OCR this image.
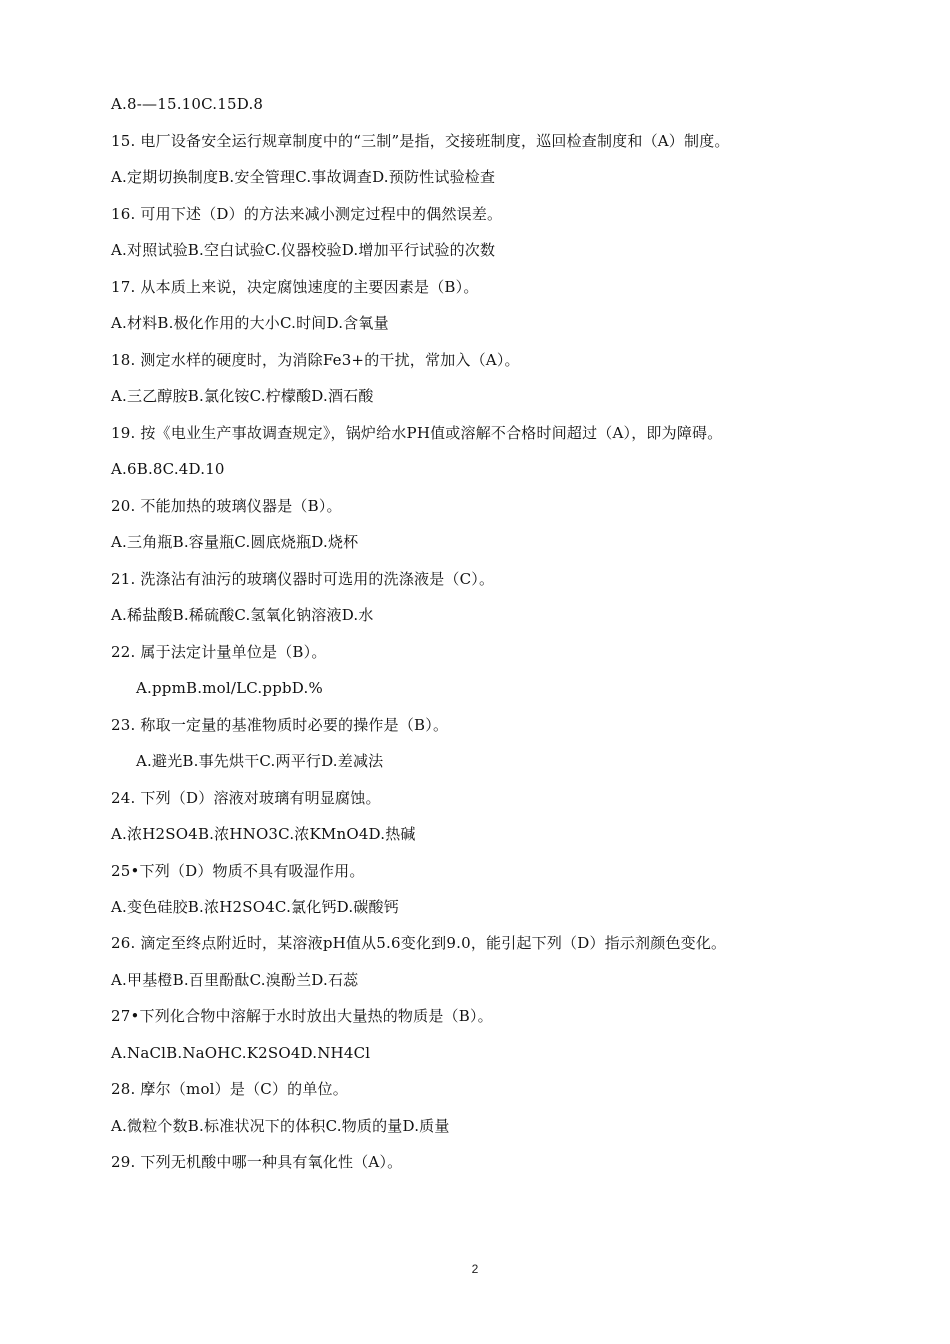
A.8-—15.10C.15D.8
15. 电厂设备安全运行规章制度中的“三制”是指，交接班制度，巡回检查制度和（A）制度。
A.定期切换制度B.安全管理C.事故调查D.预防性试验检查
16. 可用下述（D）的方法来减小测定过程中的偶然误差。
A.对照试验B.空白试验C.仪器校验D.增加平行试验的次数
17. 从本质上来说，决定腐蚀速度的主要因素是（B）。
A.材料B.极化作用的大小C.时间D.含氧量
18. 测定水样的硬度时，为消除Fe3+的干扰，常加入（A）。
A.三乙醇胺B.氯化铵C.柠檬酸D.酒石酸
19. 按《电业生产事故调查规定》，锅炉给水PH值或溶解不合格时间超过（A），即为障碍。
A.6B.8C.4D.10
20. 不能加热的玻璃仪器是（B）。
A.三角瓶B.容量瓶C.圆底烧瓶D.烧杯
21. 洗涤沾有油污的玻璃仪器时可选用的洗涤液是（C）。
A.稀盐酸B.稀硫酸C.氢氧化钠溶液D.水
22. 属于法定计量单位是（B）。
A.ppmB.mol/LC.ppbD.%
23. 称取一定量的基准物质时必要的操作是（B）。
A.避光B.事先烘干C.两平行D.差减法
24. 下列（D）溶液对玻璃有明显腐蚀。
A.浓H2SO4B.浓HNO3C.浓KMnO4D.热碱
25•下列（D）物质不具有吸湿作用。
A.变色硅胶B.浓H2SO4C.氯化钙D.碳酸钙
26. 滴定至终点附近时，某溶液pH值从5.6变化到9.0，能引起下列（D）指示剂颜色变化。
A.甲基橙B.百里酚酞C.溴酚兰D.石蕊
27•下列化合物中溶解于水时放出大量热的物质是（B）。
A.NaClB.NaOHC.K2SO4D.NH4Cl
28. 摩尔（mol）是（C）的单位。
A.微粒个数B.标准状况下的体积C.物质的量D.质量
29. 下列无机酸中哪一种具有氧化性（A）。
2
